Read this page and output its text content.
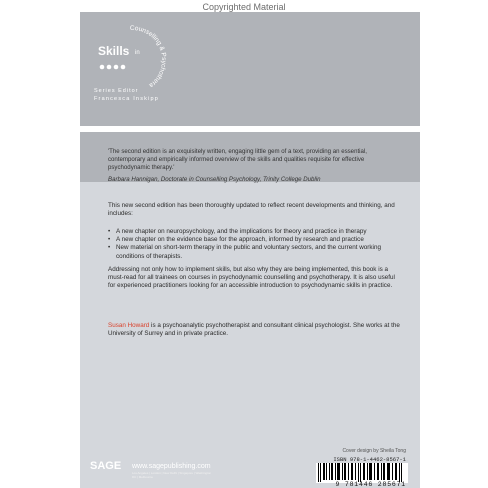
Copyrighted Material
Skills in
Counselling & Psychothera
Series Editor
Francesca Inskipp
'The second edition is an exquisitely written, engaging little gem of a text, providing an essential, contemporary and empirically informed overview of the skills and qualities requisite for effective psychodynamic therapy.'
Barbara Hannigan, Doctorate in Counselling Psychology, Trinity College Dublin
This new second edition has been thoroughly updated to reflect recent developments and thinking, and includes:
• A new chapter on neuropsychology, and the implications for theory and practice in therapy
• A new chapter on the evidence base for the approach, informed by research and practice
• New material on short-term therapy in the public and voluntary sectors, and the current working conditions of therapists.
Addressing not only how to implement skills, but also why they are being implemented, this book is a must-read for all trainees on courses in psychodynamic counselling and psychotherapy. It is also useful for experienced practitioners looking for an accessible introduction to psychodynamic skills in practice.
Susan Howard is a psychoanalytic psychotherapist and consultant clinical psychologist. She works at the University of Surrey and in private practice.
Cover design by Sheila Tong
ISBN 978-1-4462-8567-1
9 781446 285671
SAGE www.sagepublishing.com
Los Angeles | London | New Delhi | Singapore | Washington DC | Melbourne
